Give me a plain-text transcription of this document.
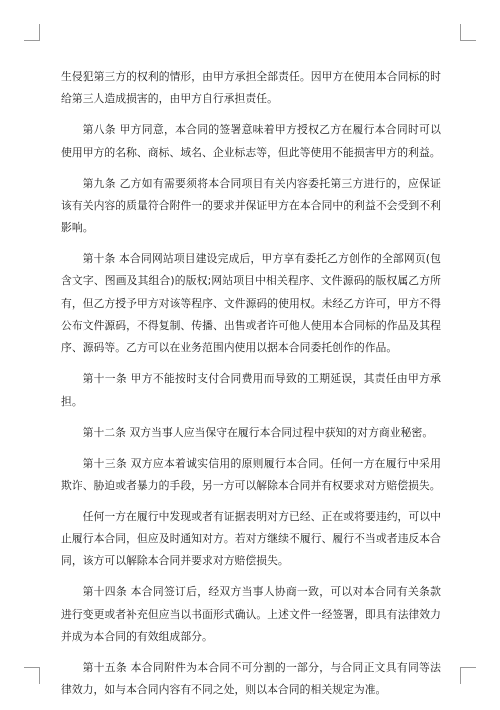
生侵犯第三方的权利的情形，由甲方承担全部责任。因甲方在使用本合同标的时给第三人造成损害的，由甲方自行承担责任。

第八条 甲方同意，本合同的签署意味着甲方授权乙方在履行本合同时可以使用甲方的名称、商标、域名、企业标志等，但此等使用不能损害甲方的利益。

第九条 乙方如有需要须将本合同项目有关内容委托第三方进行的，应保证该有关内容的质量符合附件一的要求并保证甲方在本合同中的利益不会受到不利影响。

第十条 本合同网站项目建设完成后，甲方享有委托乙方创作的全部网页(包含文字、图画及其组合)的版权;网站项目中相关程序、文件源码的版权属乙方所有，但乙方授予甲方对该等程序、文件源码的使用权。未经乙方许可，甲方不得公布文件源码，不得复制、传播、出售或者许可他人使用本合同标的作品及其程序、源码等。乙方可以在业务范围内使用以据本合同委托创作的作品。

第十一条 甲方不能按时支付合同费用而导致的工期延误，其责任由甲方承担。

第十二条 双方当事人应当保守在履行本合同过程中获知的对方商业秘密。

第十三条 双方应本着诚实信用的原则履行本合同。任何一方在履行中采用欺诈、胁迫或者暴力的手段，另一方可以解除本合同并有权要求对方赔偿损失。

任何一方在履行中发现或者有证据表明对方已经、正在或将要违约，可以中止履行本合同，但应及时通知对方。若对方继续不履行、履行不当或者违反本合同，该方可以解除本合同并要求对方赔偿损失。

第十四条 本合同签订后，经双方当事人协商一致，可以对本合同有关条款进行变更或者补充但应当以书面形式确认。上述文件一经签署，即具有法律效力并成为本合同的有效组成部分。

第十五条 本合同附件为本合同不可分割的一部分，与合同正文具有同等法律效力，如与本合同内容有不同之处，则以本合同的相关规定为准。
